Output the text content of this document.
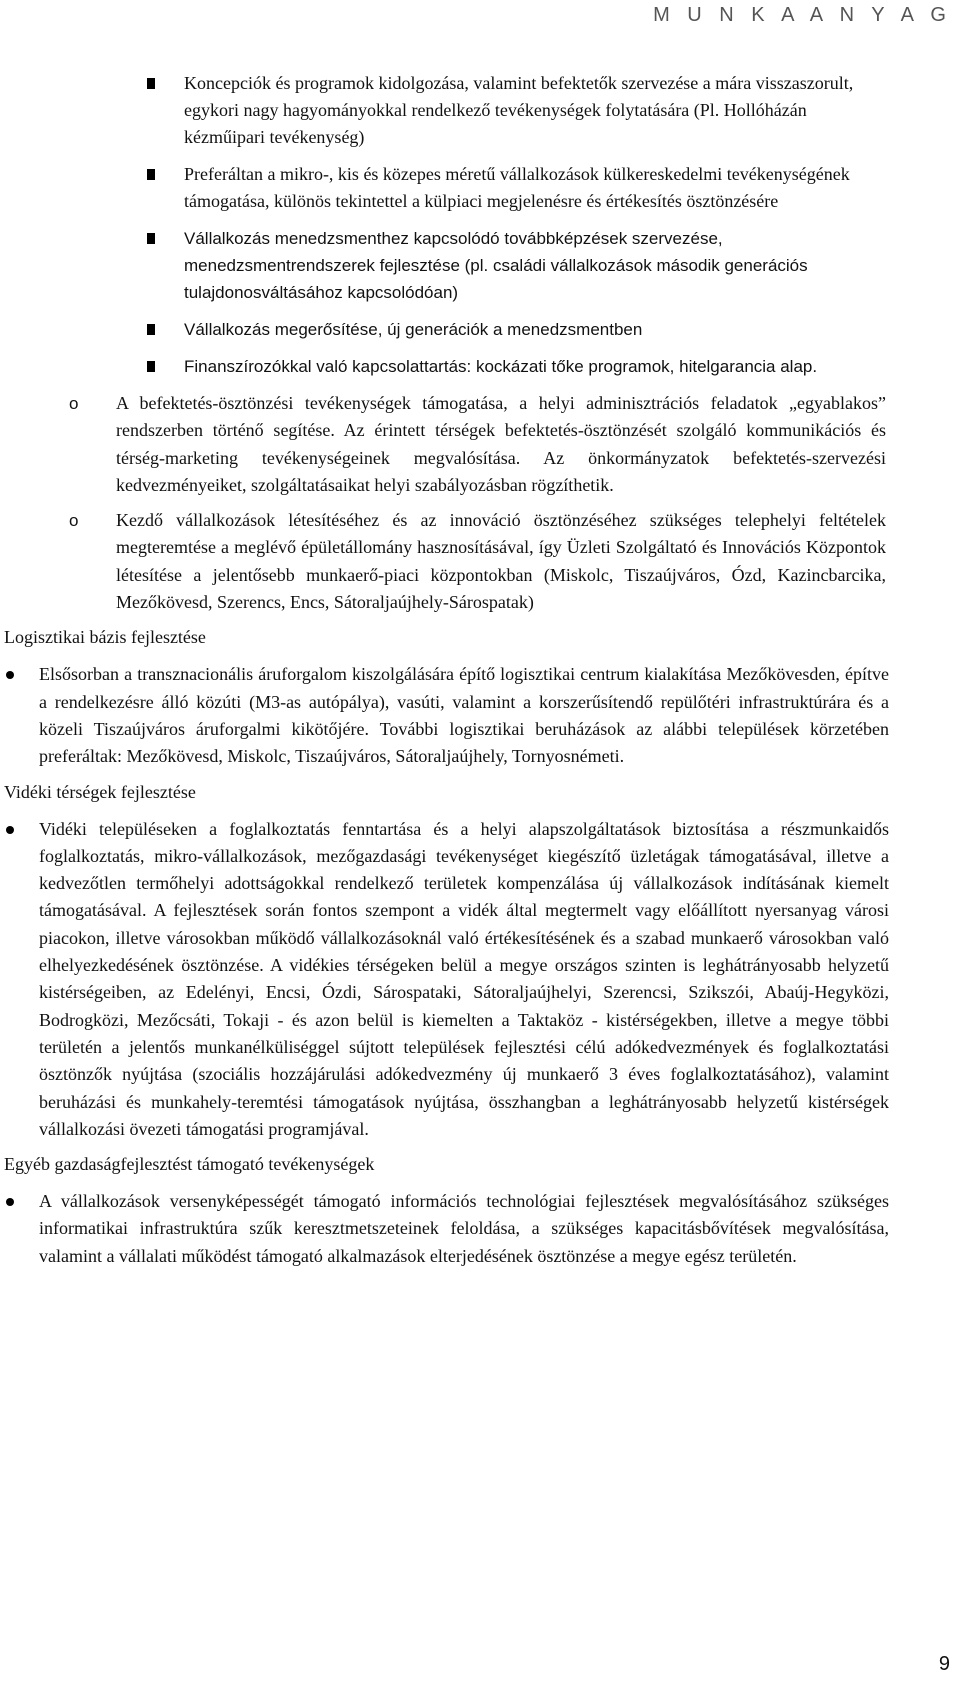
M U N K A A N Y A G

Koncepciók és programok kidolgozása, valamint befektetők szervezése a mára visszaszorult, egykori nagy hagyományokkal rendelkező tevékenységek folytatására (Pl. Hollóházán kézműipari tevékenység)

Preferáltan a mikro-, kis és közepes méretű vállalkozások külkereskedelmi tevékenységének támogatása, különös tekintettel a külpiaci megjelenésre és értékesítés ösztönzésére

Vállalkozás menedzsmenthez kapcsolódó továbbképzések szervezése, menedzsmentrendszerek fejlesztése (pl. családi vállalkozások második generációs tulajdonosváltásához kapcsolódóan)

Vállalkozás megerősítése, új generációk a menedzsmentben

Finanszírozókkal való kapcsolattartás: kockázati tőke programok, hitelgarancia alap.

o A befektetés-ösztönzési tevékenységek támogatása, a helyi adminisztrációs feladatok „egyablakos” rendszerben történő segítése. Az érintett térségek befektetés-ösztönzését szolgáló kommunikációs és térség-marketing tevékenységeinek megvalósítása. Az önkormányzatok befektetés-szervezési kedvezményeiket, szolgáltatásaikat helyi szabályozásban rögzíthetik.

o Kezdő vállalkozások létesítéséhez és az innováció ösztönzéséhez szükséges telephelyi feltételek megteremtése a meglévő épületállomány hasznosításával, így Üzleti Szolgáltató és Innovációs Központok létesítése a jelentősebb munkaerő-piaci központokban (Miskolc, Tiszaújváros, Ózd, Kazincbarcika, Mezőkövesd, Szerencs, Encs, Sátoraljaújhely-Sárospatak)

Logisztikai bázis fejlesztése

Elsősorban a transznacionális áruforgalom kiszolgálására építő logisztikai centrum kialakítása Mezőkövesden, építve a rendelkezésre álló közúti (M3-as autópálya), vasúti, valamint a korszerűsítendő repülőtéri infrastruktúrára és a közeli Tiszaújváros áruforgalmi kikötőjére. További logisztikai beruházások az alábbi települések körzetében preferáltak: Mezőkövesd, Miskolc, Tiszaújváros, Sátoraljaújhely, Tornyosnémeti.

Vidéki térségek fejlesztése

Vidéki településeken a foglalkoztatás fenntartása és a helyi alapszolgáltatások biztosítása a részmunkaidős foglalkoztatás, mikro-vállalkozások, mezőgazdasági tevékenységet kiegészítő üzletágak támogatásával, illetve a kedvezőtlen termőhelyi adottságokkal rendelkező területek kompenzálása új vállalkozások indításának kiemelt támogatásával. A fejlesztések során fontos szempont a vidék által megtermelt vagy előállított nyersanyag városi piacokon, illetve városokban működő vállalkozásoknál való értékesítésének és a szabad munkaerő városokban való elhelyezkedésének ösztönzése. A vidékies térségeken belül a megye országos szinten is leghátrányosabb helyzetű kistérségeiben, az Edelényi, Encsi, Ózdi, Sárospataki, Sátoraljaújhelyi, Szerencsi, Szikszói, Abaúj-Hegyközi, Bodrogközi, Mezőcsáti, Tokaji - és azon belül is kiemelten a Taktaköz - kistérségekben, illetve a megye többi területén a jelentős munkanélküliséggel sújtott települések fejlesztési célú adókedvezmények és foglalkoztatási ösztönzők nyújtása (szociális hozzájárulási adókedvezmény új munkaerő 3 éves foglalkoztatásához), valamint beruházási és munkahely-teremtési támogatások nyújtása, összhangban a leghátrányosabb helyzetű kistérségek vállalkozási övezeti támogatási programjával.

Egyéb gazdaságfejlesztést támogató tevékenységek

A vállalkozások versenyképességét támogató információs technológiai fejlesztések megvalósításához szükséges informatikai infrastruktúra szűk keresztmetszeteinek feloldása, a szükséges kapacitásbővítések megvalósítása, valamint a vállalati működést támogató alkalmazások elterjedésének ösztönzése a megye egész területén.

9
